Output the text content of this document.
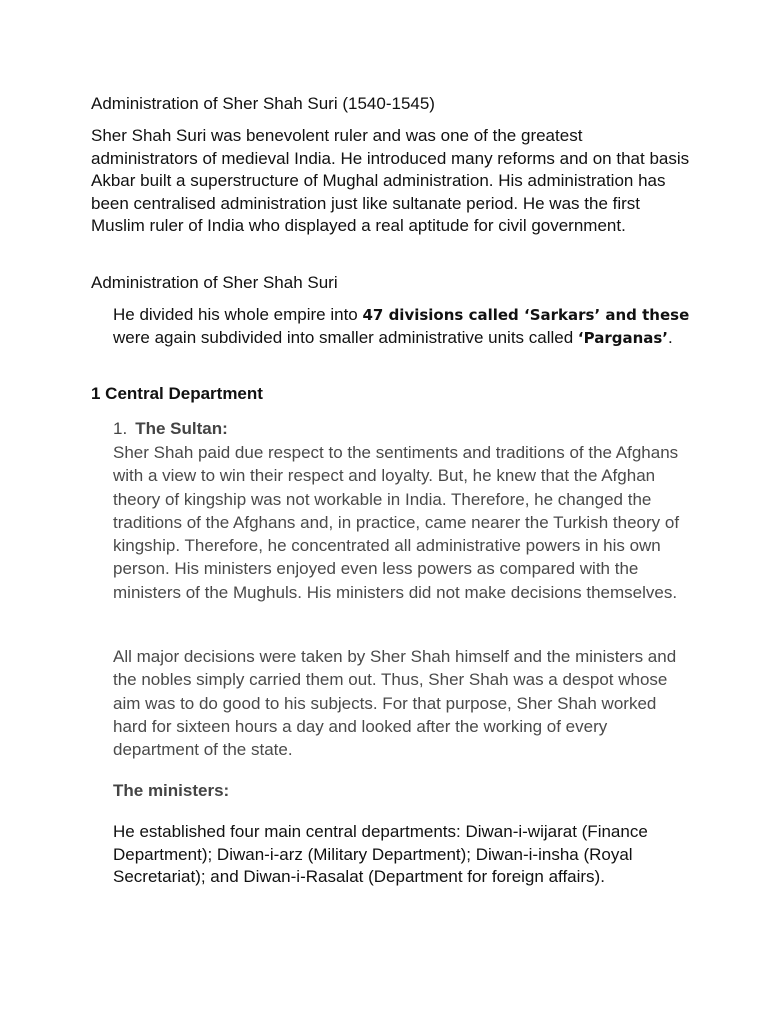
Administration of Sher Shah Suri (1540-1545)

Sher Shah Suri was benevolent ruler and was one of the greatest administrators of medieval India. He introduced many reforms and on that basis Akbar built a superstructure of Mughal administration. His administration has been centralised administration just like sultanate period. He was the first Muslim ruler of India who displayed a real aptitude for civil government.

Administration of Sher Shah Suri

He divided his whole empire into 47 divisions called ‘Sarkars’ and these were again subdivided into smaller administrative units called ‘Parganas’.

1 Central Department
1. The Sultan:

Sher Shah paid due respect to the sentiments and traditions of the Afghans with a view to win their respect and loyalty. But, he knew that the Afghan theory of kingship was not workable in India. Therefore, he changed the traditions of the Afghans and, in practice, came nearer the Turkish theory of kingship. Therefore, he concentrated all administrative powers in his own person. His ministers enjoyed even less powers as compared with the ministers of the Mughuls. His ministers did not make decisions themselves.

All major decisions were taken by Sher Shah himself and the ministers and the nobles simply carried them out. Thus, Sher Shah was a despot whose aim was to do good to his subjects. For that purpose, Sher Shah worked hard for sixteen hours a day and looked after the working of every department of the state.

The ministers:

He established four main central departments: Diwan-i-wijarat (Finance Department); Diwan-i-arz (Military Department); Diwan-i-insha (Royal Secretariat); and Diwan-i-Rasalat (Department for foreign affairs).
